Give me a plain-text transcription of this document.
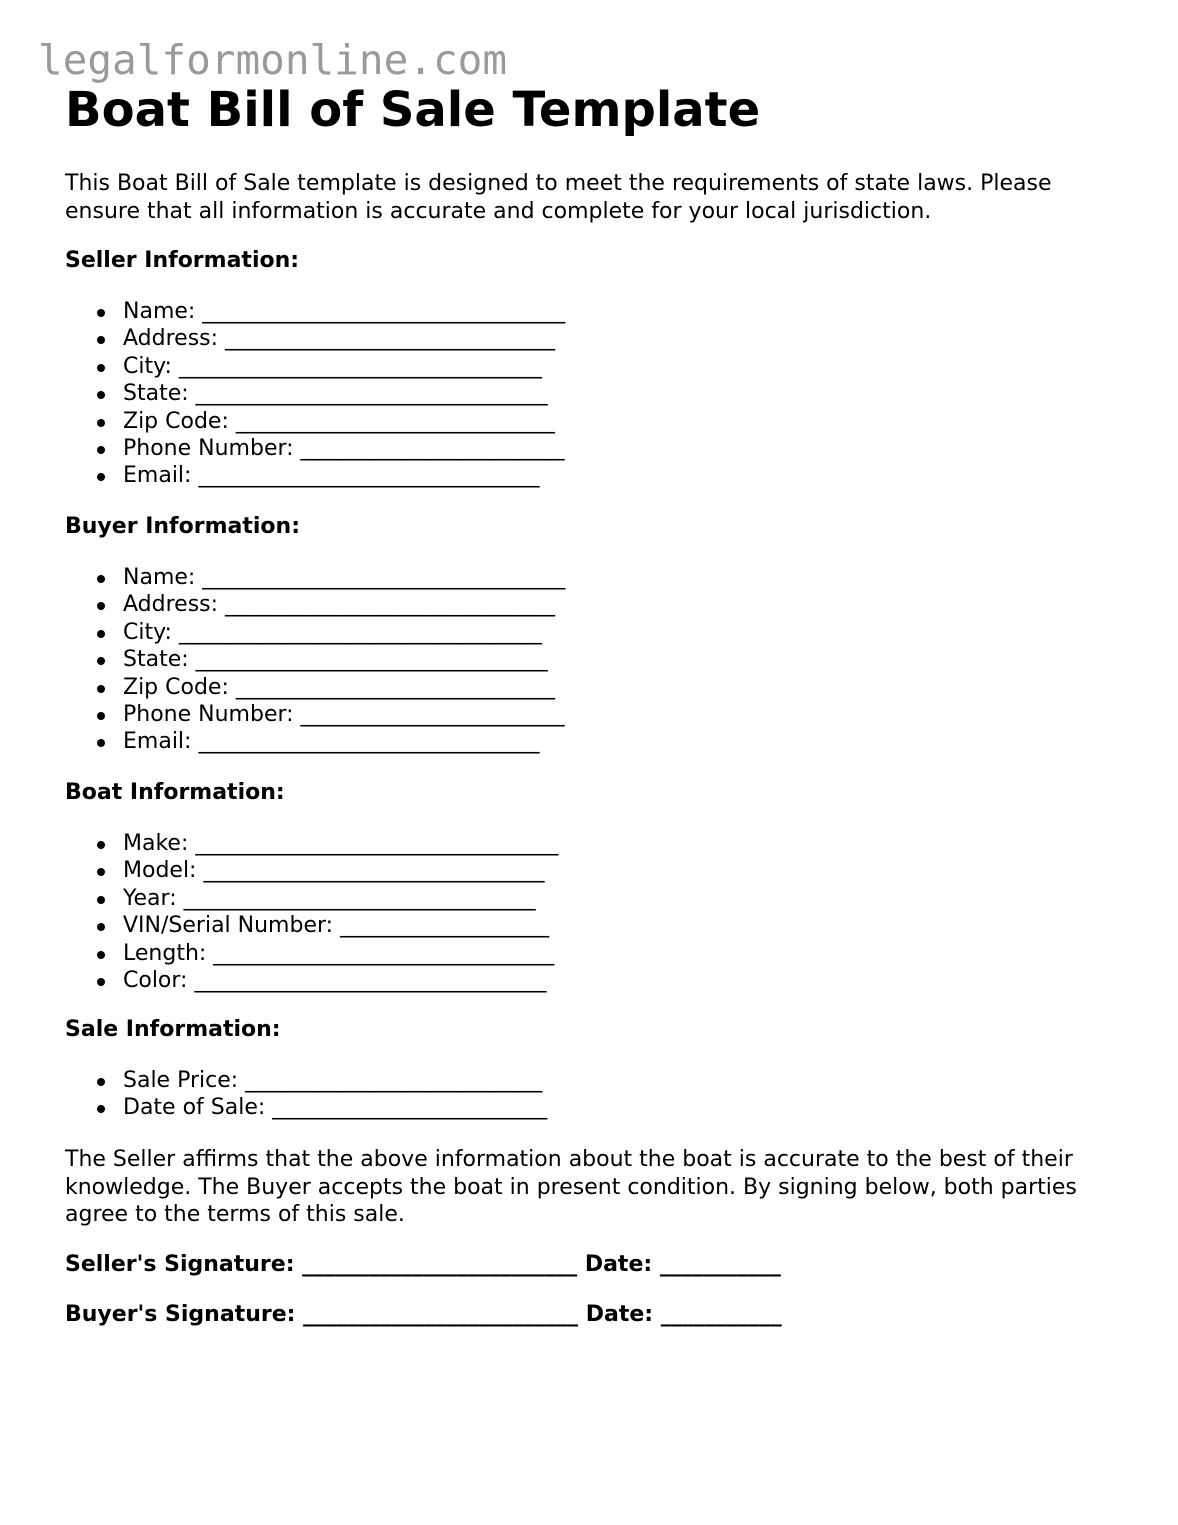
legalformonline.com
Boat Bill of Sale Template

This Boat Bill of Sale template is designed to meet the requirements of state laws. Please ensure that all information is accurate and complete for your local jurisdiction.

Seller Information:
Name: _________________________________
Address: ______________________________
City: _________________________________
State: ________________________________
Zip Code: _____________________________
Phone Number: ________________________
Email: _______________________________
Buyer Information:
Name: _________________________________
Address: ______________________________
City: _________________________________
State: ________________________________
Zip Code: _____________________________
Phone Number: ________________________
Email: _______________________________
Boat Information:
Make: _________________________________
Model: _______________________________
Year: ________________________________
VIN/Serial Number: ___________________
Length: _______________________________
Color: ________________________________
Sale Information:
Sale Price: ___________________________
Date of Sale: _________________________

The Seller affirms that the above information about the boat is accurate to the best of their knowledge. The Buyer accepts the boat in present condition. By signing below, both parties agree to the terms of this sale.

Seller's Signature: _________________________ Date: ___________

Buyer's Signature: _________________________ Date: ___________
